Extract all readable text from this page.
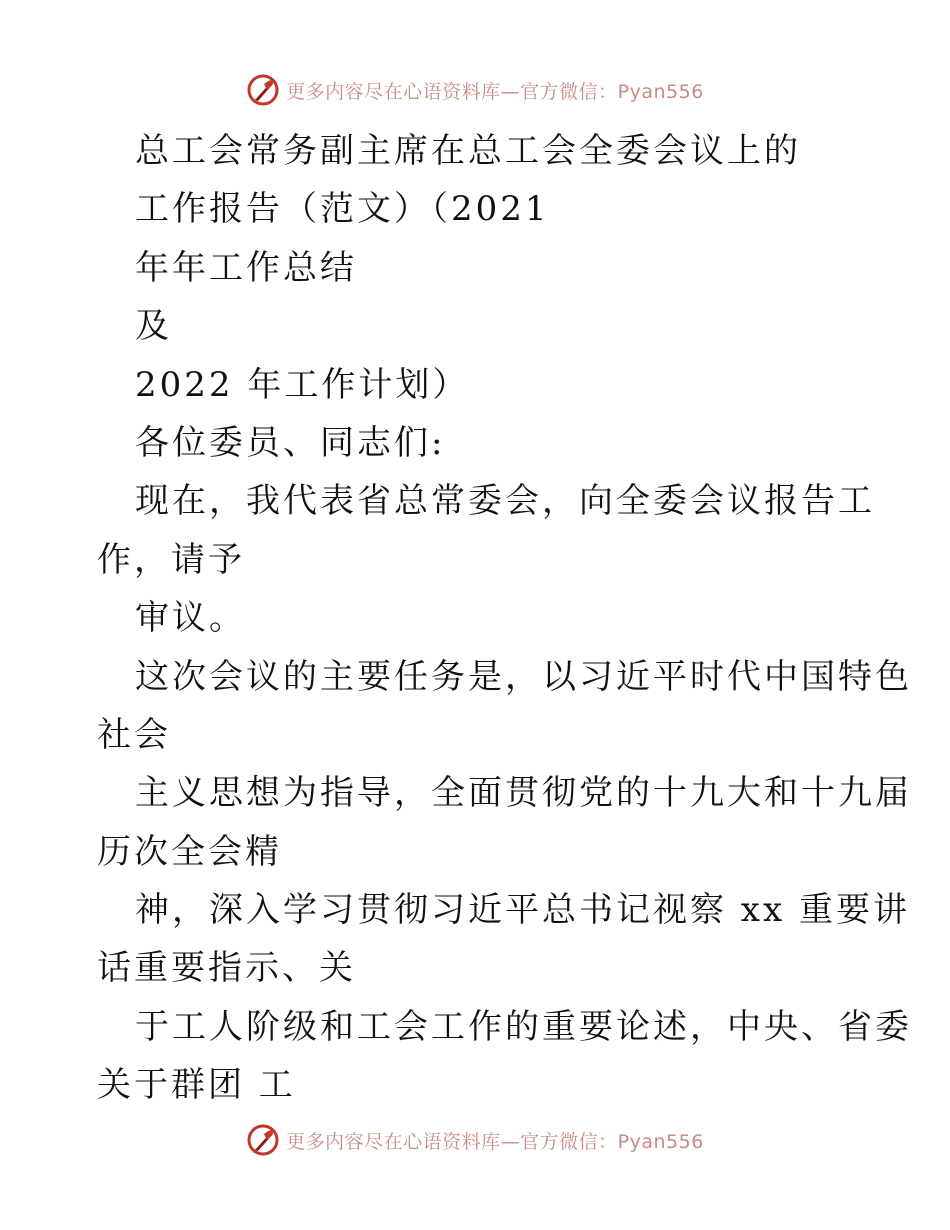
更多内容尽在心语资料库—官方微信：Pyan556
总工会常务副主席在总工会全委会议上的
工作报告（范文）（2021
年年工作总结
及
2022 年工作计划）
各位委员、同志们:
现在，我代表省总常委会，向全委会议报告工
作，请予
审议。
这次会议的主要任务是，以习近平时代中国特色
社会
主义思想为指导，全面贯彻党的十九大和十九届
历次全会精
神，深入学习贯彻习近平总书记视察 xx 重要讲
话重要指示、关
于工人阶级和工会工作的重要论述，中央、省委
关于群团 工
更多内容尽在心语资料库—官方微信：Pyan556
